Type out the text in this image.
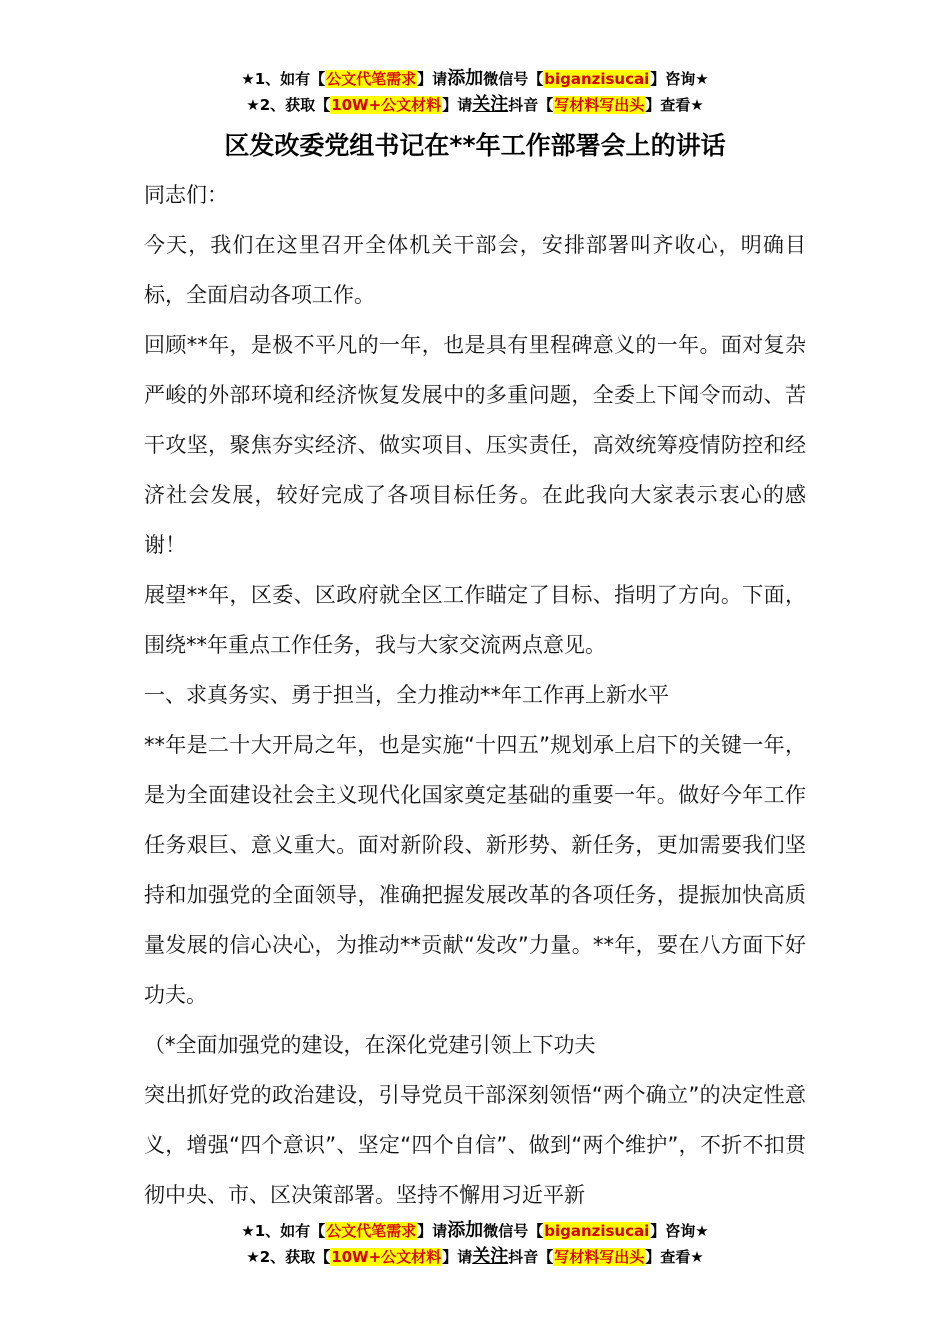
★1、如有【公文代笔需求】请添加微信号【biganzisucai】咨询★
★2、获取【10W+公文材料】请关注抖音【写材料写出头】查看★
区发改委党组书记在**年工作部署会上的讲话

同志们：

今天，我们在这里召开全体机关干部会，安排部署叫齐收心，明确目标，全面启动各项工作。

回顾**年，是极不平凡的一年，也是具有里程碑意义的一年。面对复杂严峻的外部环境和经济恢复发展中的多重问题，全委上下闻令而动、苦干攻坚，聚焦夯实经济、做实项目、压实责任，高效统筹疫情防控和经济社会发展，较好完成了各项目标任务。在此我向大家表示衷心的感谢！

展望**年，区委、区政府就全区工作瞄定了目标、指明了方向。下面，围绕**年重点工作任务，我与大家交流两点意见。

一、求真务实、勇于担当，全力推动**年工作再上新水平

**年是二十大开局之年，也是实施“十四五”规划承上启下的关键一年，是为全面建设社会主义现代化国家奠定基础的重要一年。做好今年工作任务艰巨、意义重大。面对新阶段、新形势、新任务，更加需要我们坚持和加强党的全面领导，准确把握发展改革的各项任务，提振加快高质量发展的信心决心，为推动**贡献“发改”力量。**年，要在八方面下好功夫。

（*全面加强党的建设，在深化党建引领上下功夫

突出抓好党的政治建设，引导党员干部深刻领悟“两个确立”的决定性意义，增强“四个意识”、坚定“四个自信”、做到“两个维护”，不折不扣贯彻中央、市、区决策部署。坚持不懈用习近平新

★1、如有【公文代笔需求】请添加微信号【biganzisucai】咨询★
★2、获取【10W+公文材料】请关注抖音【写材料写出头】查看★
